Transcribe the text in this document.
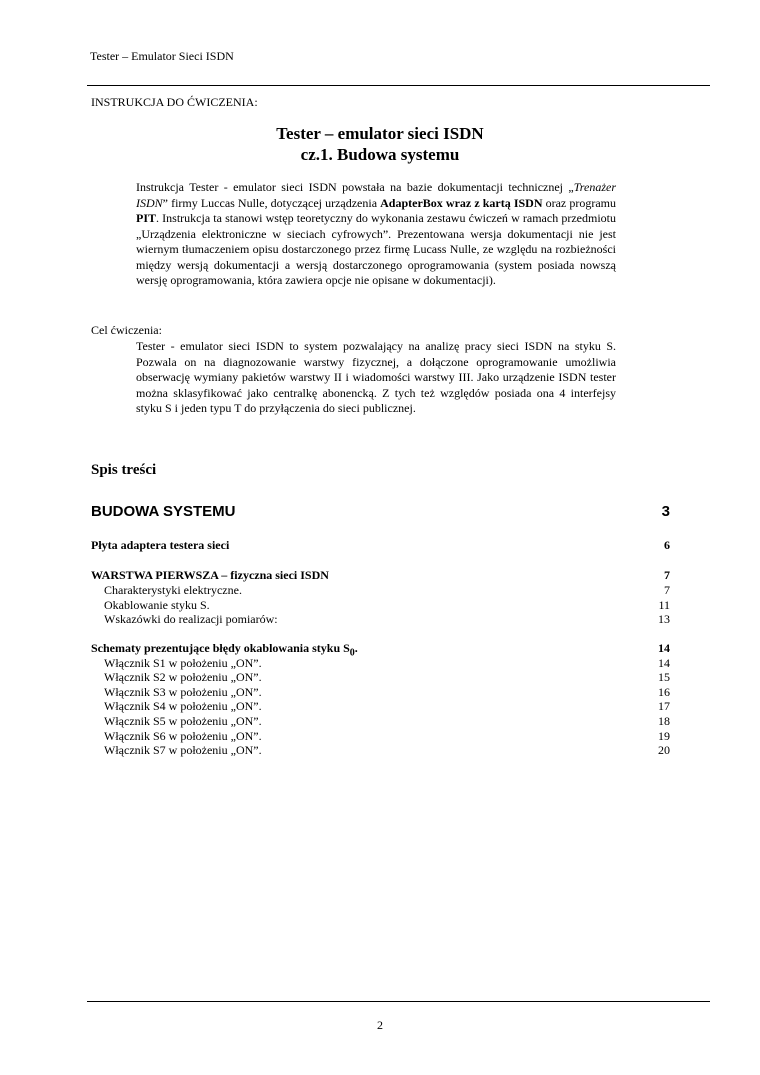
Tester – Emulator Sieci ISDN
INSTRUKCJA DO ĆWICZENIA:
Tester – emulator sieci ISDN
cz.1. Budowa systemu
Instrukcja Tester - emulator sieci ISDN powstała na bazie dokumentacji technicznej „Trenażer ISDN” firmy Luccas Nulle, dotyczącej urządzenia AdapterBox wraz z kartą ISDN oraz programu PIT. Instrukcja ta stanowi wstęp teoretyczny do wykonania zestawu ćwiczeń w ramach przedmiotu „Urządzenia elektroniczne w sieciach cyfrowych”. Prezentowana wersja dokumentacji nie jest wiernym tłumaczeniem opisu dostarczonego przez firmę Lucass Nulle, ze względu na rozbieżności między wersją dokumentacji a wersją dostarczonego oprogramowania (system posiada nowszą wersję oprogramowania, która zawiera opcje nie opisane w dokumentacji).
Cel ćwiczenia:
Tester - emulator sieci ISDN to system pozwalający na analizę pracy sieci ISDN na styku S. Pozwala on na diagnozowanie warstwy fizycznej, a dołączone oprogramowanie umożliwia obserwację wymiany pakietów warstwy II i wiadomości warstwy III. Jako urządzenie ISDN tester można sklasyfikować jako centralkę abonencką. Z tych też względów posiada ona 4 interfejsy styku S i jeden typu T do przyłączenia do sieci publicznej.
Spis treści
BUDOWA SYSTEMU	3
Płyta adaptera testera sieci	6
WARSTWA PIERWSZA – fizyczna sieci ISDN	7
Charakterystyki elektryczne.	7
Okablowanie styku S.	11
Wskazówki do realizacji pomiarów:	13
Schematy prezentujące błędy okablowania styku $S_0$.	14
Włącznik S1 w położeniu „ON”.	14
Włącznik S2 w położeniu „ON”.	15
Włącznik S3 w położeniu „ON”.	16
Włącznik S4 w położeniu „ON”.	17
Włącznik S5 w położeniu „ON”.	18
Włącznik S6 w położeniu „ON”.	19
Włącznik S7 w położeniu „ON”.	20
2
